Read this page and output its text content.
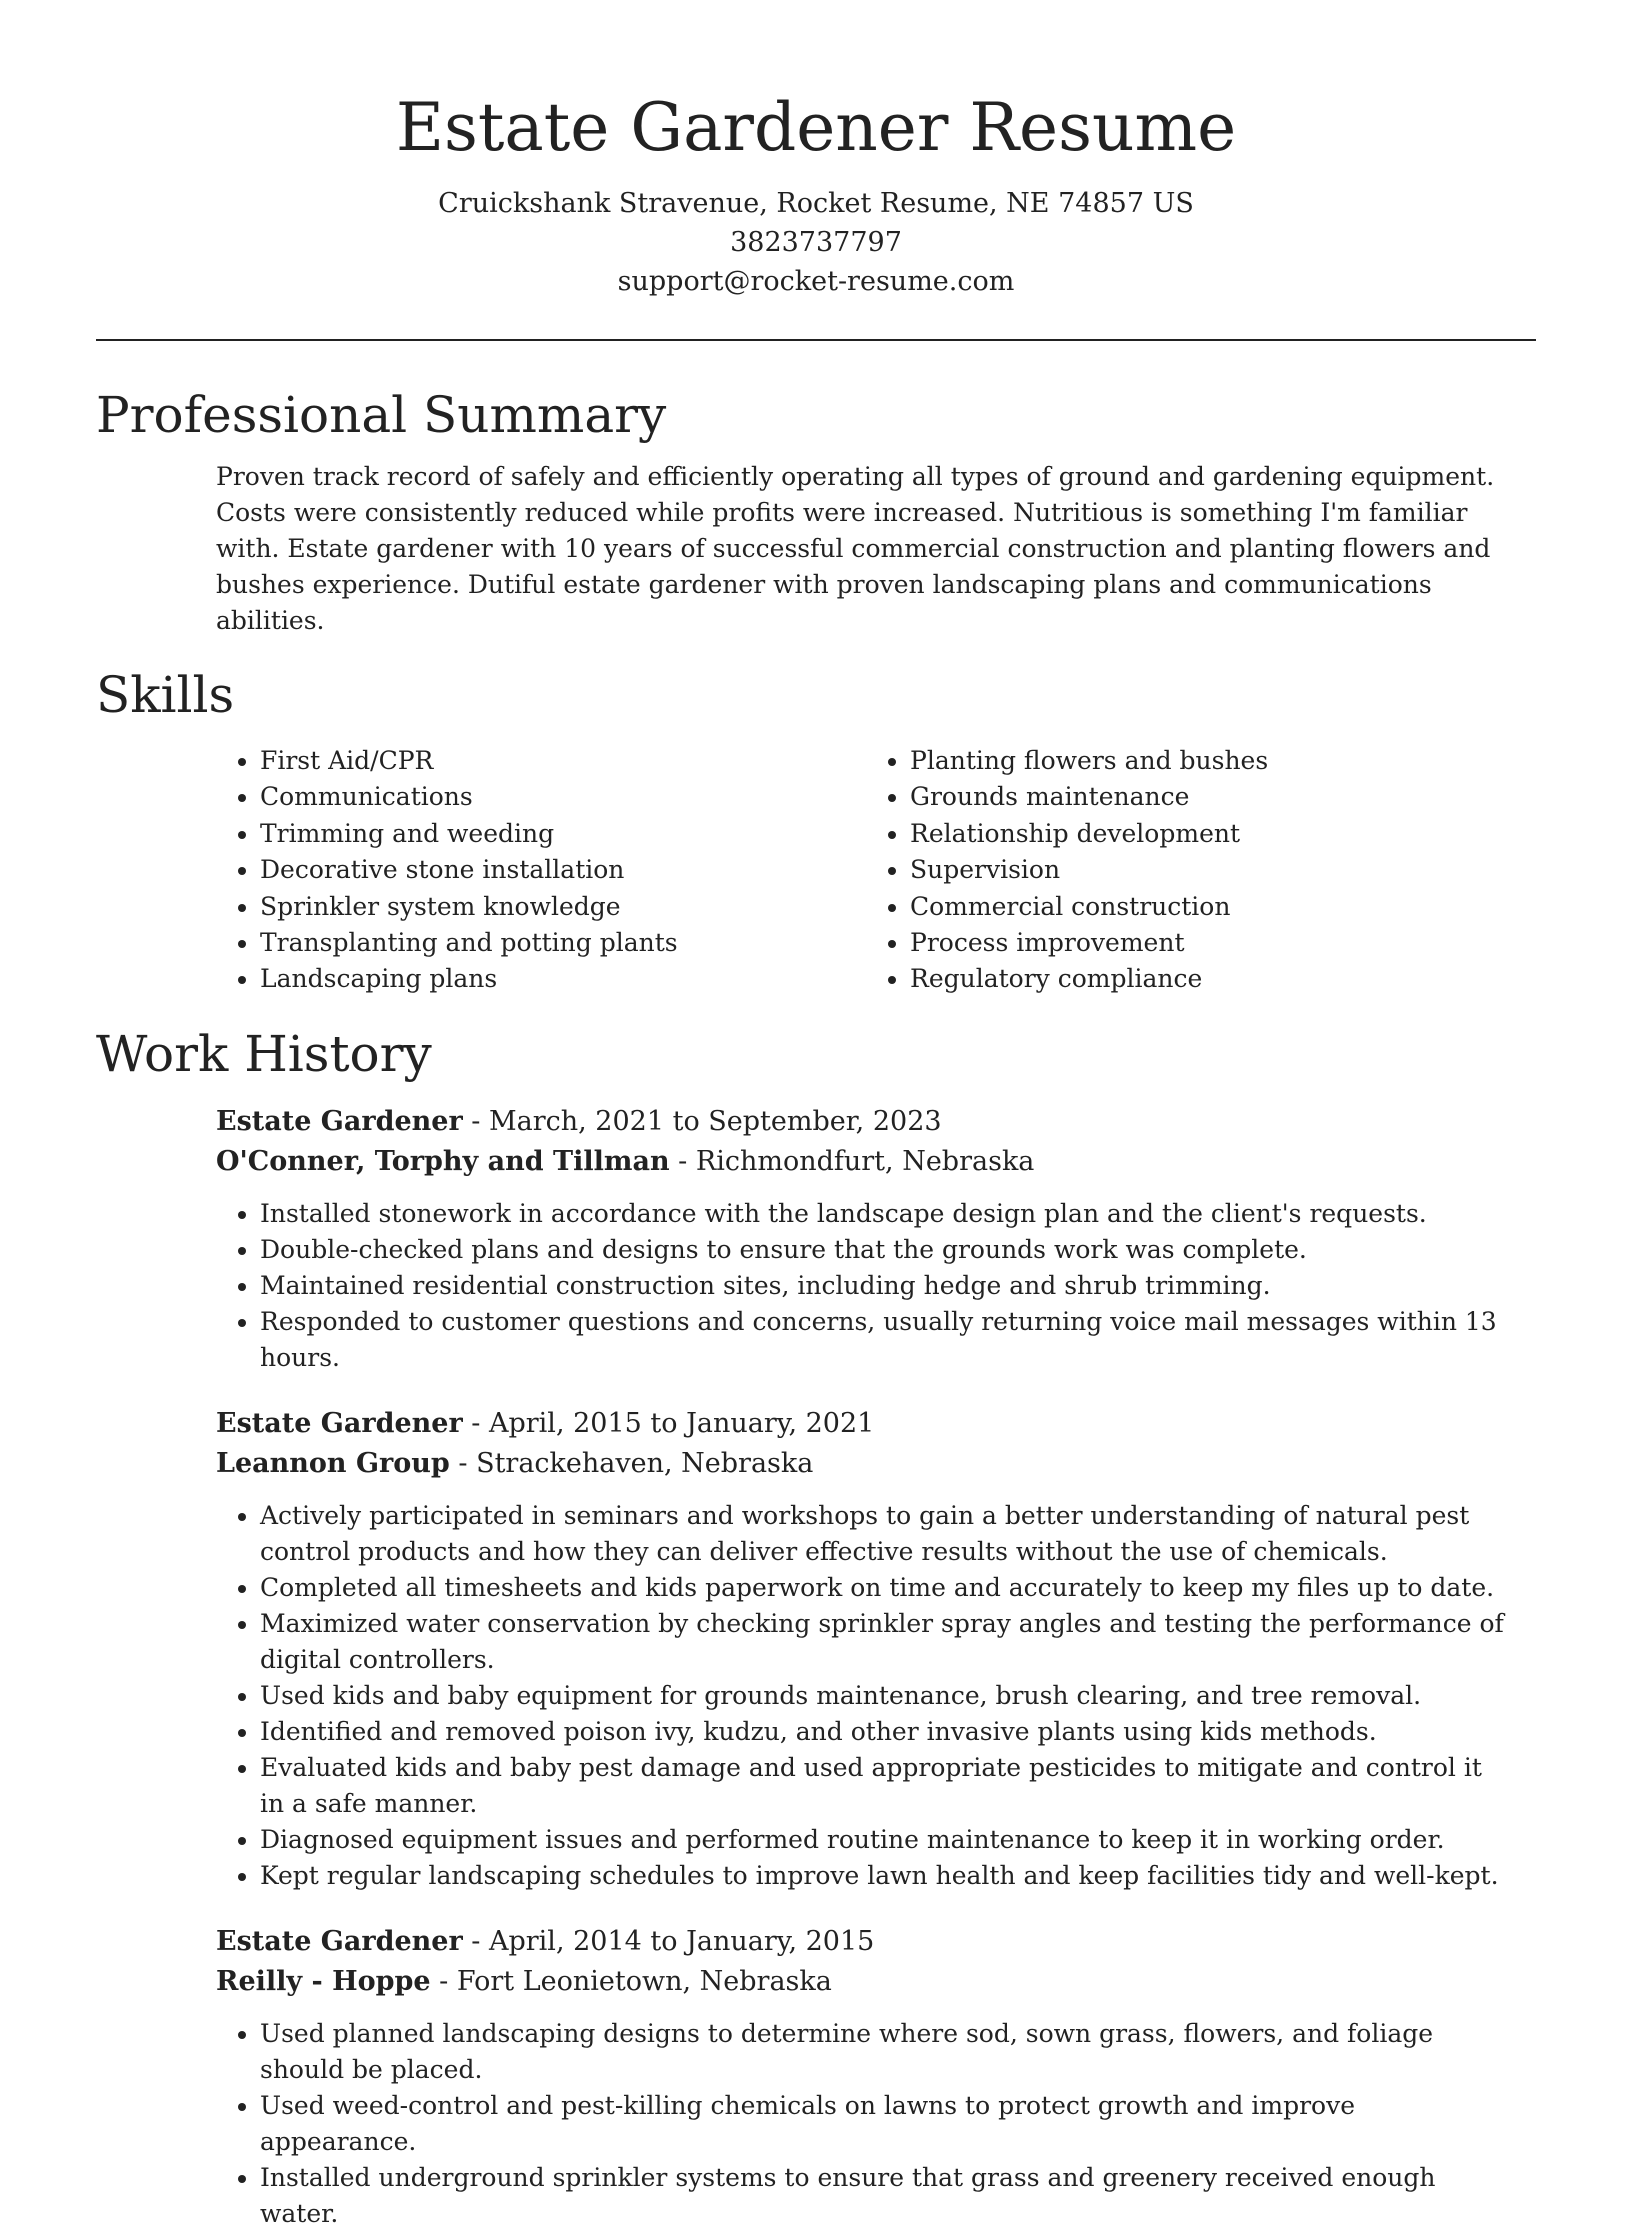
Estate Gardener Resume
Cruickshank Stravenue, Rocket Resume, NE 74857 US
3823737797
support@rocket-resume.com
Professional Summary
Proven track record of safely and efficiently operating all types of ground and gardening equipment. Costs were consistently reduced while profits were increased. Nutritious is something I'm familiar with. Estate gardener with 10 years of successful commercial construction and planting flowers and bushes experience. Dutiful estate gardener with proven landscaping plans and communications abilities.
Skills
• First Aid/CPR
• Communications
• Trimming and weeding
• Decorative stone installation
• Sprinkler system knowledge
• Transplanting and potting plants
• Landscaping plans
• Planting flowers and bushes
• Grounds maintenance
• Relationship development
• Supervision
• Commercial construction
• Process improvement
• Regulatory compliance
Work History
Estate Gardener - March, 2021 to September, 2023
O'Conner, Torphy and Tillman - Richmondfurt, Nebraska
• Installed stonework in accordance with the landscape design plan and the client's requests.
• Double-checked plans and designs to ensure that the grounds work was complete.
• Maintained residential construction sites, including hedge and shrub trimming.
• Responded to customer questions and concerns, usually returning voice mail messages within 13 hours.
Estate Gardener - April, 2015 to January, 2021
Leannon Group - Strackehaven, Nebraska
• Actively participated in seminars and workshops to gain a better understanding of natural pest control products and how they can deliver effective results without the use of chemicals.
• Completed all timesheets and kids paperwork on time and accurately to keep my files up to date.
• Maximized water conservation by checking sprinkler spray angles and testing the performance of digital controllers.
• Used kids and baby equipment for grounds maintenance, brush clearing, and tree removal.
• Identified and removed poison ivy, kudzu, and other invasive plants using kids methods.
• Evaluated kids and baby pest damage and used appropriate pesticides to mitigate and control it in a safe manner.
• Diagnosed equipment issues and performed routine maintenance to keep it in working order.
• Kept regular landscaping schedules to improve lawn health and keep facilities tidy and well-kept.
Estate Gardener - April, 2014 to January, 2015
Reilly - Hoppe - Fort Leonietown, Nebraska
• Used planned landscaping designs to determine where sod, sown grass, flowers, and foliage should be placed.
• Used weed-control and pest-killing chemicals on lawns to protect growth and improve appearance.
• Installed underground sprinkler systems to ensure that grass and greenery received enough water.
